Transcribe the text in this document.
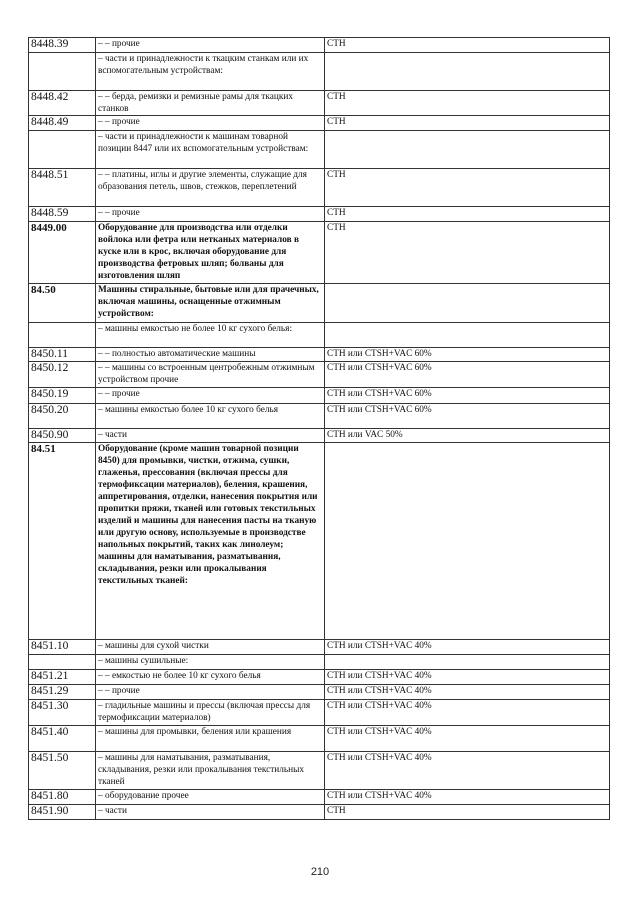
8448.39	– – прочие	CTH
	– части и принадлежности к ткацким станкам или их вспомогательным устройствам:	
8448.42	– – берда, ремизки и ремизные рамы для ткацких станков	CTH
8448.49	– – прочие	CTH
	– части и принадлежности к машинам товарной позиции 8447 или их вспомогательным устройствам:	
8448.51	– – платины, иглы и другие элементы, служащие для образования петель, швов, стежков, переплетений	CTH
8448.59	– – прочие	CTH
8449.00	Оборудование для производства или отделки войлока или фетра или нетканых материалов в куске или в крос, включая оборудование для производства фетровых шляп; болваны для изготовления шляп	CTH
84.50	Машины стиральные, бытовые или для прачечных, включая машины, оснащенные отжимным устройством:	
	– машины емкостью не более 10 кг сухого белья:	
8450.11	– – полностью автоматические машины	CTH или CTSH+VAC 60%
8450.12	– – машины со встроенным центробежным отжимным устройством прочие	CTH или CTSH+VAC 60%
8450.19	– – прочие	CTH или CTSH+VAC 60%
8450.20	– машины емкостью более 10 кг сухого белья	CTH или CTSH+VAC 60%
8450.90	– части	CTH или VAC 50%
84.51	Оборудование (кроме машин товарной позиции 8450) для промывки, чистки, отжима, сушки, глаженья, прессования (включая прессы для термофиксации материалов), беления, крашения, аппретирования, отделки, нанесения покрытия или пропитки пряжи, тканей или готовых текстильных изделий и машины для нанесения пасты на тканую или другую основу, используемые в производстве напольных покрытий, таких как линолеум; машины для наматывания, разматывания, складывания, резки или прокалывания текстильных тканей:	
8451.10	– машины для сухой чистки	CTH или CTSH+VAC 40%
	– машины сушильные:	
8451.21	– – емкостью не более 10 кг сухого белья	CTH или CTSH+VAC 40%
8451.29	– – прочие	CTH или CTSH+VAC 40%
8451.30	– гладильные машины и прессы (включая прессы для термофиксации материалов)	CTH или CTSH+VAC 40%
8451.40	– машины для промывки, беления или крашения	CTH или CTSH+VAC 40%
8451.50	– машины для наматывания, разматывания, складывания, резки или прокалывания текстильных тканей	CTH или CTSH+VAC 40%
8451.80	– оборудование прочее	CTH или CTSH+VAC 40%
8451.90	– части	CTH
210
